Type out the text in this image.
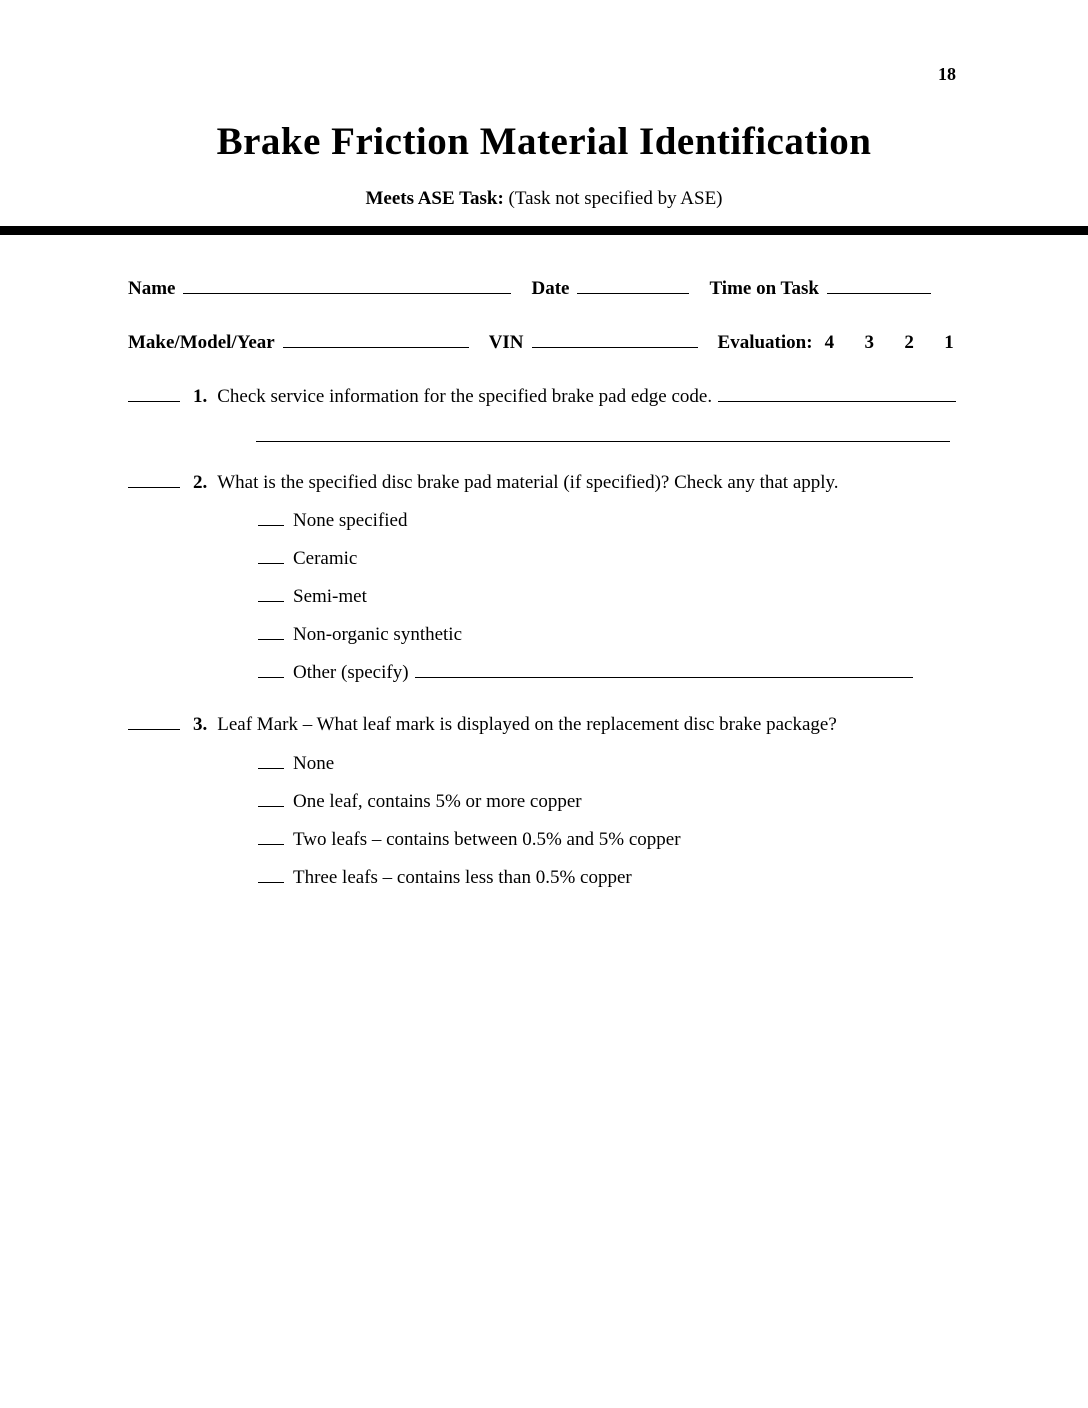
18
Brake Friction Material Identification

Meets ASE Task: (Task not specified by ASE)

Name	Date	Time on Task
Make/Model/Year	VIN	Evaluation: 4 3 2 1
1. Check service information for the specified brake pad edge code.
2. What is the specified disc brake pad material (if specified)? Check any that apply.
None specified
Ceramic
Semi-met
Non-organic synthetic
Other (specify)
3. Leaf Mark – What leaf mark is displayed on the replacement disc brake package?
None
One leaf, contains 5% or more copper
Two leafs – contains between 0.5% and 5% copper
Three leafs – contains less than 0.5% copper
